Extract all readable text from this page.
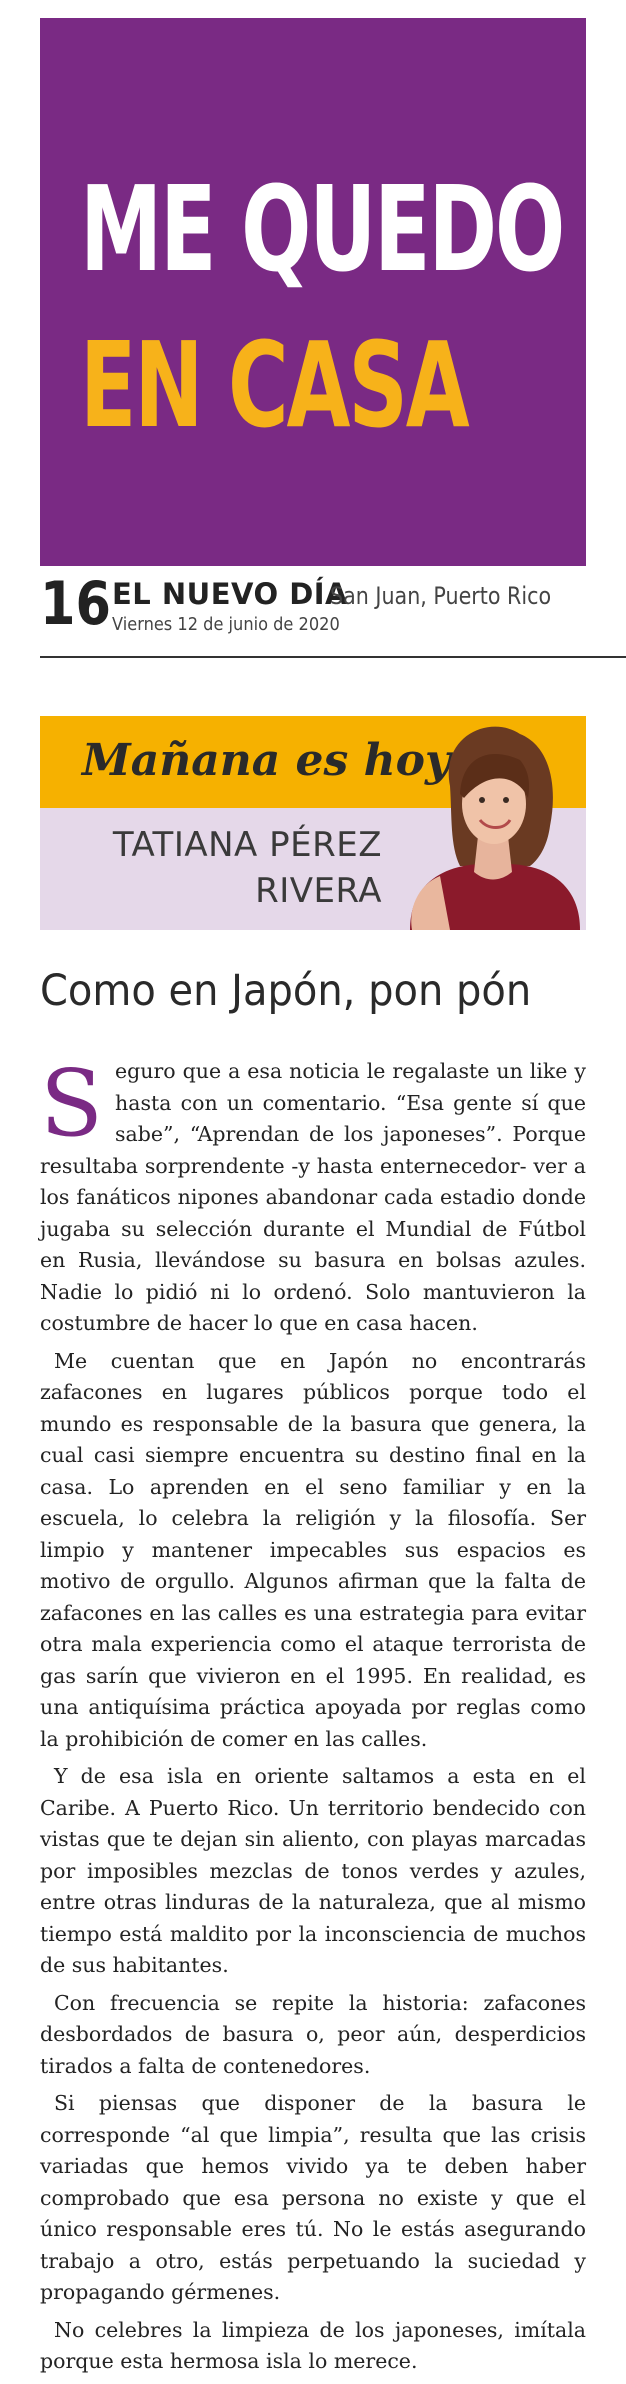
ME QUEDO
EN CASA
16 EL NUEVO DÍA
San Juan, Puerto Rico
Viernes 12 de junio de 2020
Mañana es hoy
TATIANA PÉREZ
RIVERA
Como en Japón, pon pón

Seguro que a esa noticia le regalaste un like y hasta con un comentario. “Esa gente sí que sabe”, “Aprendan de los japoneses”. Porque resultaba sorprendente -y hasta enternecedor- ver a los fanáticos nipones abandonar cada estadio donde jugaba su selección durante el Mundial de Fútbol en Rusia, llevándose su basura en bolsas azules. Nadie lo pidió ni lo ordenó. Solo mantuvieron la costumbre de hacer lo que en casa hacen.

Me cuentan que en Japón no encontrarás zafacones en lugares públicos porque todo el mundo es responsable de la basura que genera, la cual casi siempre encuentra su destino final en la casa. Lo aprenden en el seno familiar y en la escuela, lo celebra la religión y la filosofía. Ser limpio y mantener impecables sus espacios es motivo de orgullo. Algunos afirman que la falta de zafacones en las calles es una estrategia para evitar otra mala experiencia como el ataque terrorista de gas sarín que vivieron en el 1995. En realidad, es una antiquísima práctica apoyada por reglas como la prohibición de comer en las calles.

Y de esa isla en oriente saltamos a esta en el Caribe. A Puerto Rico. Un territorio bendecido con vistas que te dejan sin aliento, con playas marcadas por imposibles mezclas de tonos verdes y azules, entre otras linduras de la naturaleza, que al mismo tiempo está maldito por la inconsciencia de muchos de sus habitantes.

Con frecuencia se repite la historia: zafacones desbordados de basura o, peor aún, desperdicios tirados a falta de contenedores.

Si piensas que disponer de la basura le corresponde “al que limpia”, resulta que las crisis variadas que hemos vivido ya te deben haber comprobado que esa persona no existe y que el único responsable eres tú. No le estás asegurando trabajo a otro, estás perpetuando la suciedad y propagando gérmenes.

No celebres la limpieza de los japoneses, imítala porque esta hermosa isla lo merece.
